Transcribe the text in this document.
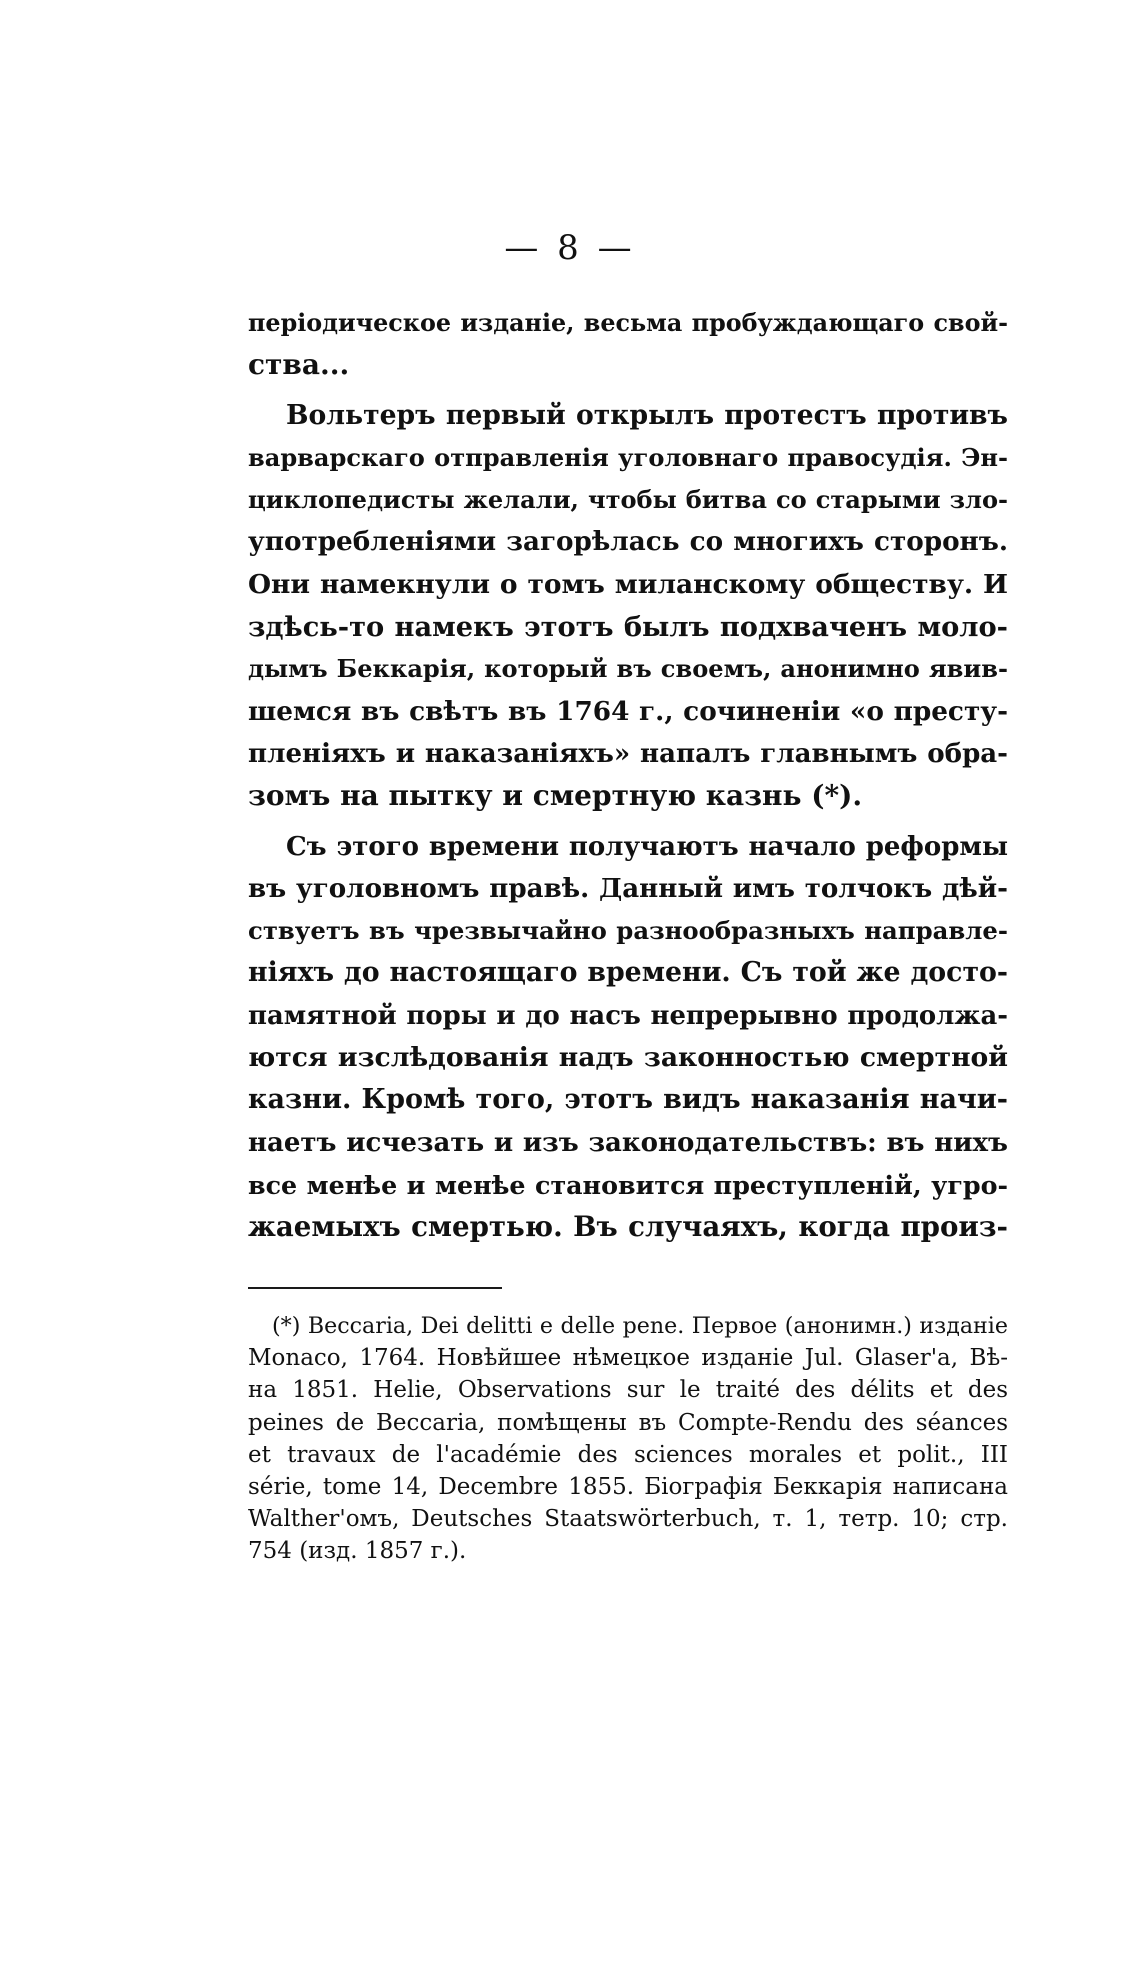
— 8 —
періодическое изданіе, весьма пробуждающаго свой-
ства...
Вольтеръ первый открылъ протестъ противъ
варварскаго отправленія уголовнаго правосудія. Эн-
циклопедисты желали, чтобы битва со старыми зло-
употребленіями загорѣлась со многихъ сторонъ.
Они намекнули о томъ миланскому обществу. И
здѣсь-то намекъ этотъ былъ подхваченъ моло-
дымъ Беккарія, который въ своемъ, анонимно явив-
шемся въ свѣтъ въ 1764 г., сочиненіи «о престу-
пленіяхъ и наказаніяхъ» напалъ главнымъ обра-
зомъ на пытку и смертную казнь (*).
Съ этого времени получаютъ начало реформы
въ уголовномъ правѣ. Данный имъ толчокъ дѣй-
ствуетъ въ чрезвычайно разнообразныхъ направле-
ніяхъ до настоящаго времени. Съ той же досто-
памятной поры и до насъ непрерывно продолжа-
ются изслѣдованія надъ законностью смертной
казни. Кромѣ того, этотъ видъ наказанія начи-
наетъ исчезать и изъ законодательствъ: въ нихъ
все менѣе и менѣе становится преступленій, угро-
жаемыхъ смертью. Въ случаяхъ, когда произ-
(*) Beccaria, Dei delitti e delle pene. Первое (анонимн.) изданіе
Monaco, 1764. Новѣйшее нѣмецкое изданіе Jul. Glaser'a, Вѣ-
на 1851. Helie, Observations sur le traité des délits et des
peines de Beccaria, помѣщены въ Compte-Rendu des séances
et travaux de l'académie des sciences morales et polit., III
série, tome 14, Decembre 1855. Біографія Беккарія написана
Walther'омъ, Deutsches Staatswörterbuch, т. 1, тетр. 10; стр.
754 (изд. 1857 г.).
